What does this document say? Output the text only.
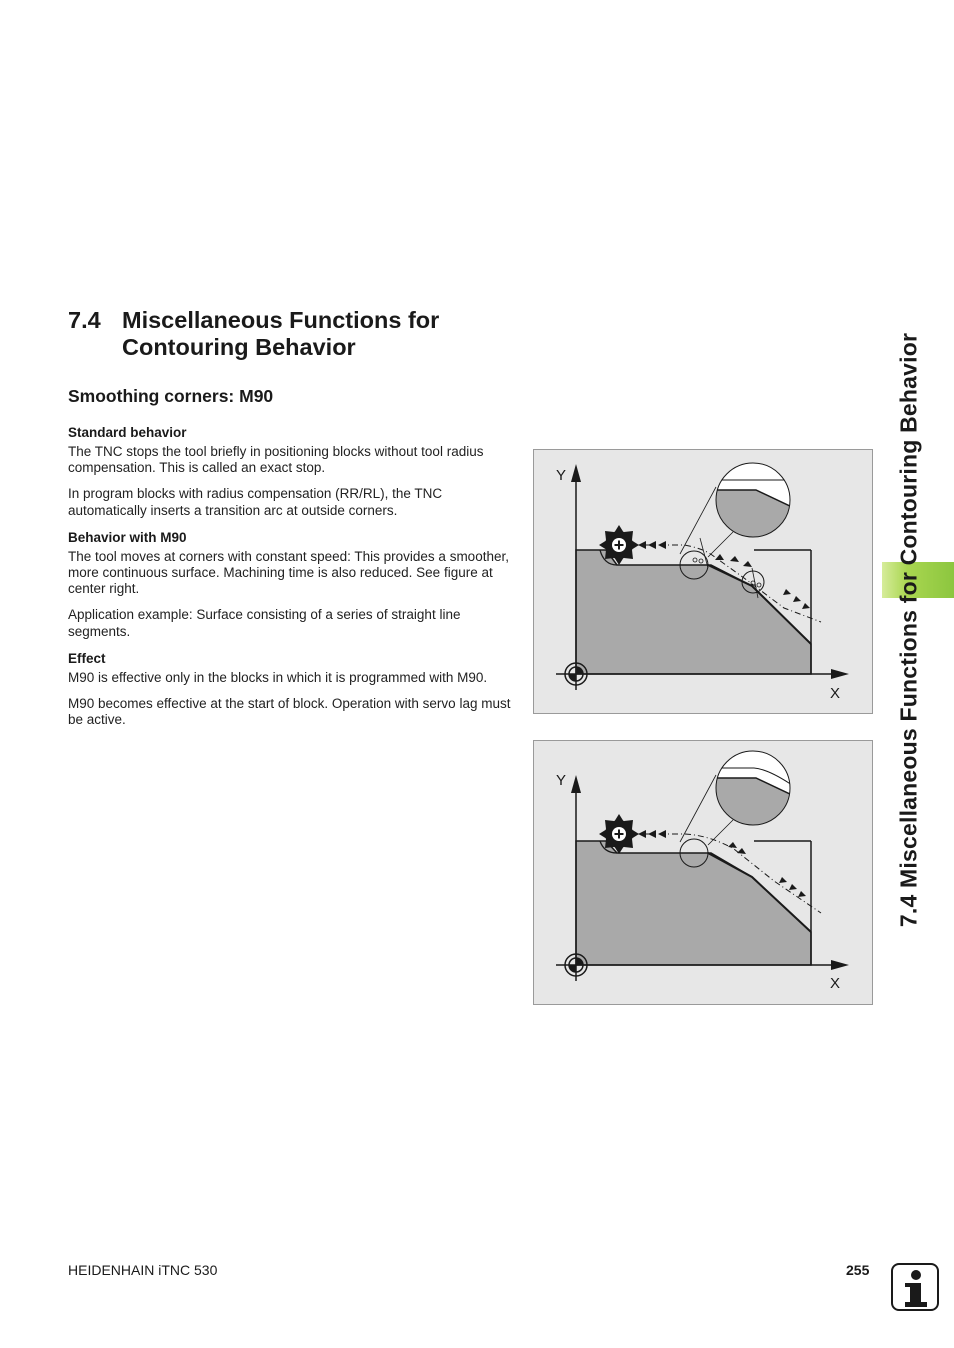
7.4 Miscellaneous Functions for Contouring Behavior
Smoothing corners: M90
Standard behavior

The TNC stops the tool briefly in positioning blocks without tool radius compensation. This is called an exact stop.

In program blocks with radius compensation (RR/RL), the TNC automatically inserts a transition arc at outside corners.

Behavior with M90

The tool moves at corners with constant speed: This provides a smoother, more continuous surface. Machining time is also reduced. See figure at center right.

Application example: Surface consisting of a series of straight line segments.

Effect

M90 is effective only in the blocks in which it is programmed with M90.

M90 becomes effective at the start of block. Operation with servo lag must be active.

Y
X
Y
X
7.4 Miscellaneous Functions for Contouring Behavior
HEIDENHAIN iTNC 530	255
